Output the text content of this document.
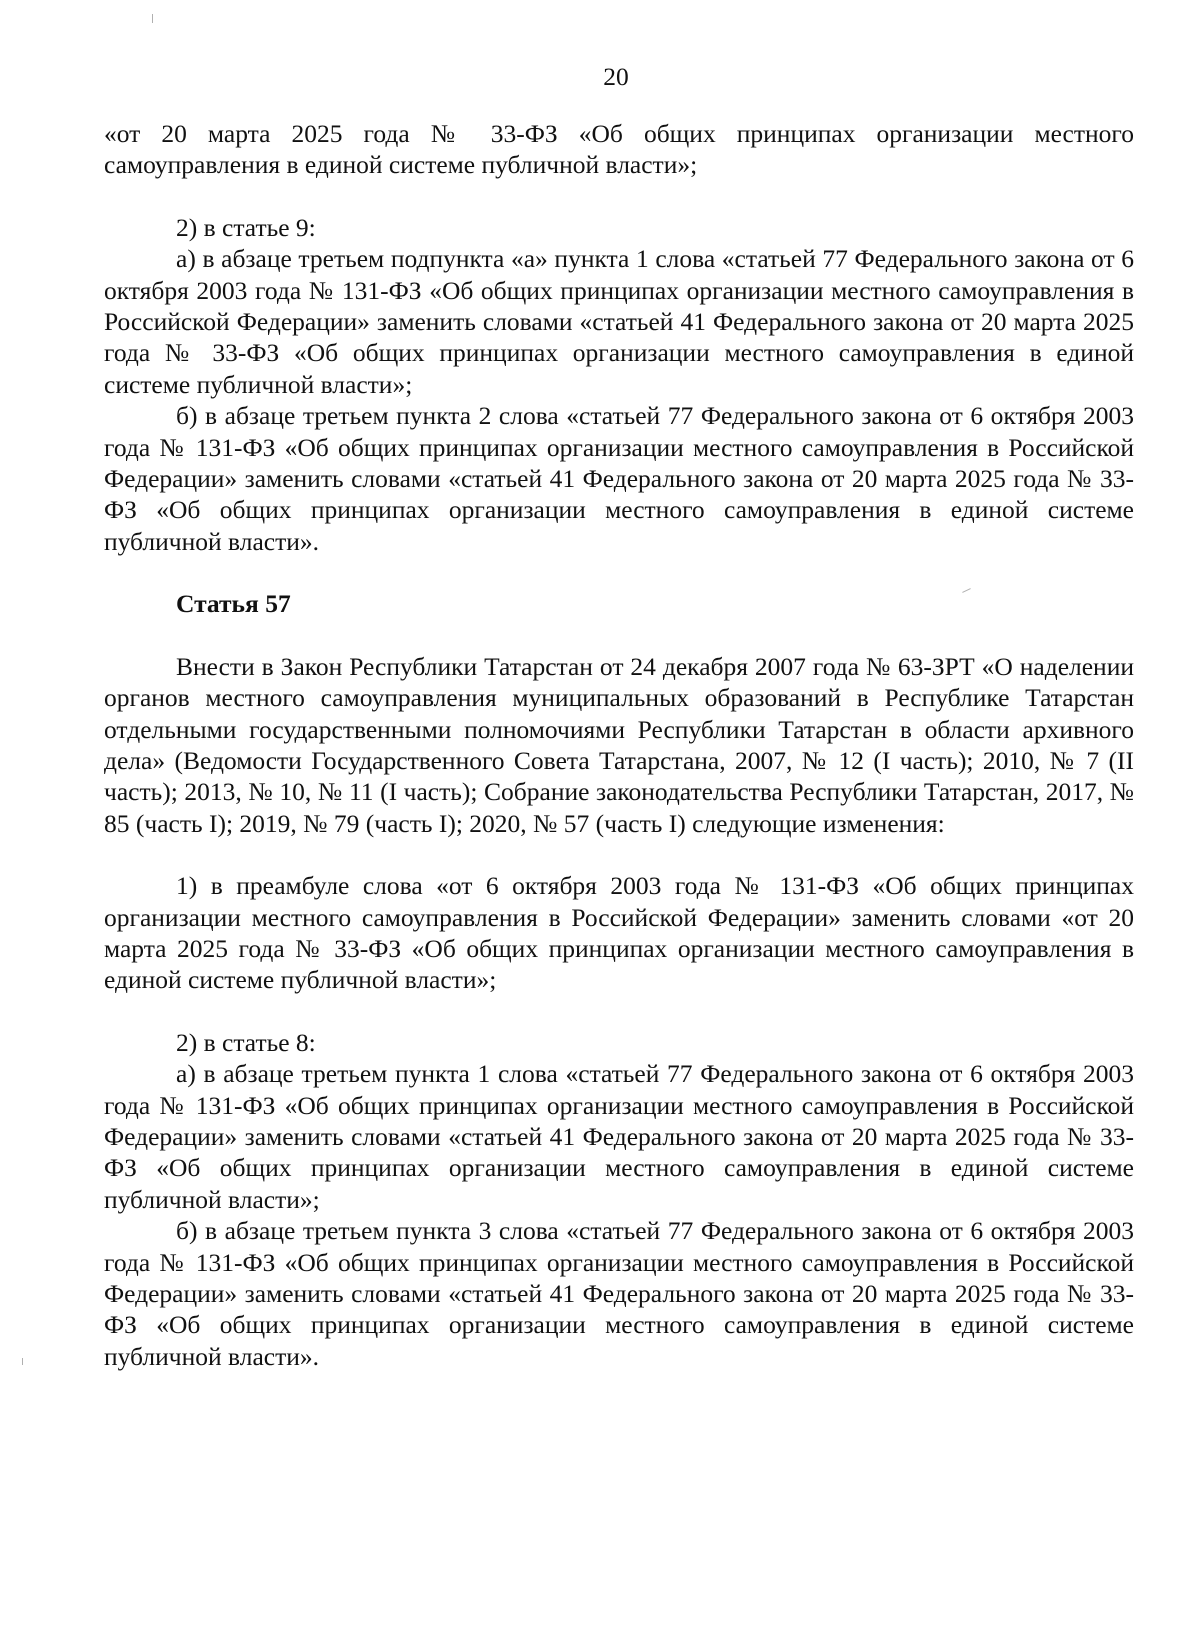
20

«от 20 марта 2025 года № 33-ФЗ «Об общих принципах организации местного самоуправления в единой системе публичной власти»;

2) в статье 9:

а) в абзаце третьем подпункта «а» пункта 1 слова «статьей 77 Федерального закона от 6 октября 2003 года № 131-ФЗ «Об общих принципах организации местного самоуправления в Российской Федерации» заменить словами «статьей 41 Федерального закона от 20 марта 2025 года № 33-ФЗ «Об общих принципах организации местного самоуправления в единой системе публичной власти»;

б) в абзаце третьем пункта 2 слова «статьей 77 Федерального закона от 6 октября 2003 года № 131-ФЗ «Об общих принципах организации местного самоуправления в Российской Федерации» заменить словами «статьей 41 Федерального закона от 20 марта 2025 года № 33-ФЗ «Об общих принципах организации местного самоуправления в единой системе публичной власти».

Статья 57

Внести в Закон Республики Татарстан от 24 декабря 2007 года № 63-ЗРТ «О наделении органов местного самоуправления муниципальных образований в Республике Татарстан отдельными государственными полномочиями Республики Татарстан в области архивного дела» (Ведомости Государственного Совета Татарстана, 2007, № 12 (I часть); 2010, № 7 (II часть); 2013, № 10, № 11 (I часть); Собрание законодательства Республики Татарстан, 2017, № 85 (часть I); 2019, № 79 (часть I); 2020, № 57 (часть I) следующие изменения:

1) в преамбуле слова «от 6 октября 2003 года № 131-ФЗ «Об общих принципах организации местного самоуправления в Российской Федерации» заменить словами «от 20 марта 2025 года № 33-ФЗ «Об общих принципах организации местного самоуправления в единой системе публичной власти»;

2) в статье 8:

а) в абзаце третьем пункта 1 слова «статьей 77 Федерального закона от 6 октября 2003 года № 131-ФЗ «Об общих принципах организации местного самоуправления в Российской Федерации» заменить словами «статьей 41 Федерального закона от 20 марта 2025 года № 33-ФЗ «Об общих принципах организации местного самоуправления в единой системе публичной власти»;

б) в абзаце третьем пункта 3 слова «статьей 77 Федерального закона от 6 октября 2003 года № 131-ФЗ «Об общих принципах организации местного самоуправления в Российской Федерации» заменить словами «статьей 41 Федерального закона от 20 марта 2025 года № 33-ФЗ «Об общих принципах организации местного самоуправления в единой системе публичной власти».
